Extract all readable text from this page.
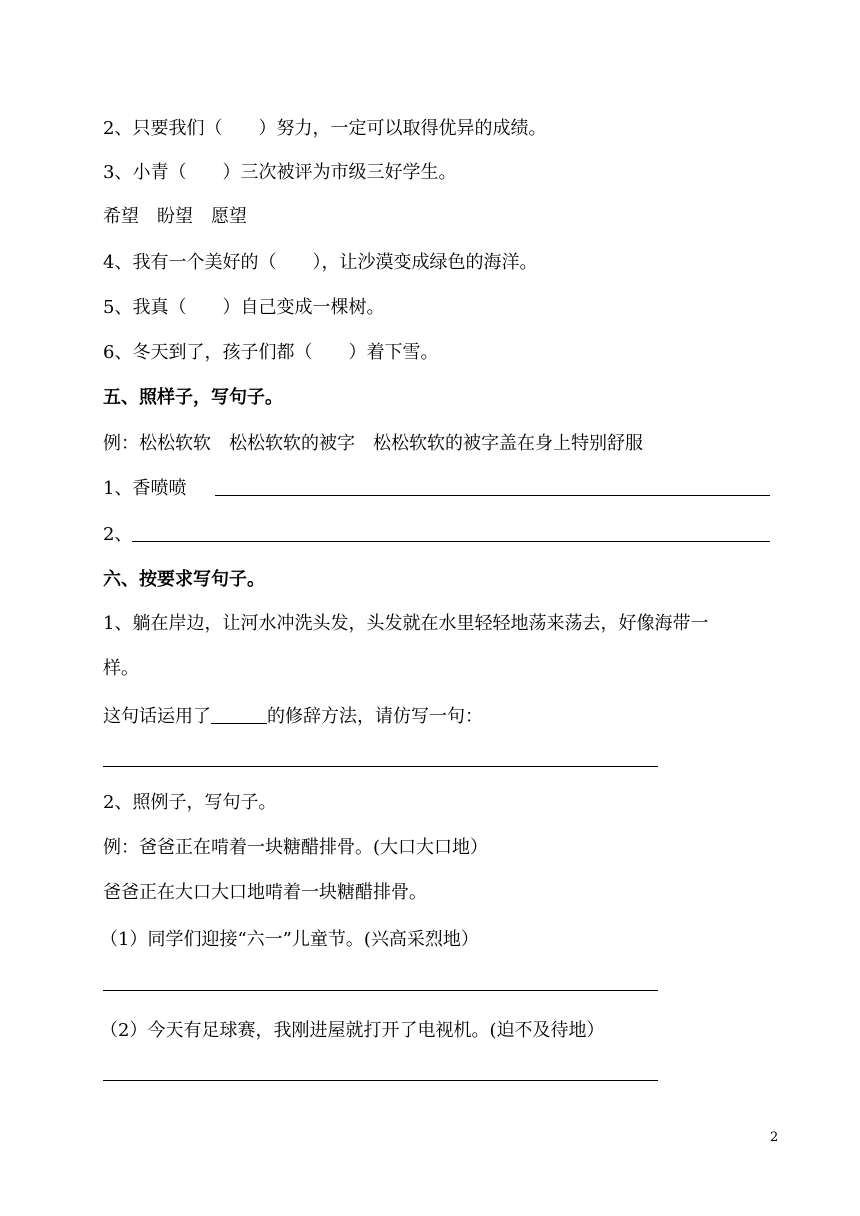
2、只要我们（　　）努力，一定可以取得优异的成绩。
3、小青（　　）三次被评为市级三好学生。
希望 盼望 愿望
4、我有一个美好的（　　），让沙漠变成绿色的海洋。
5、我真（　　）自己变成一棵树。
6、冬天到了，孩子们都（　　）着下雪。
五、照样子，写句子。
例：松松软软　松松软软的被字　松松软软的被字盖在身上特别舒服
1、香喷喷
2、
六、按要求写句子。
1、躺在岸边，让河水冲洗头发，头发就在水里轻轻地荡来荡去，好像海带一
样。
这句话运用了	的修辞方法，请仿写一句：
2、照例子，写句子。
例：爸爸正在啃着一块糖醋排骨。(大口大口地）
爸爸正在大口大口地啃着一块糖醋排骨。
（1）同学们迎接“六一”儿童节。(兴高采烈地）
（2）今天有足球赛，我刚进屋就打开了电视机。(迫不及待地）
2
